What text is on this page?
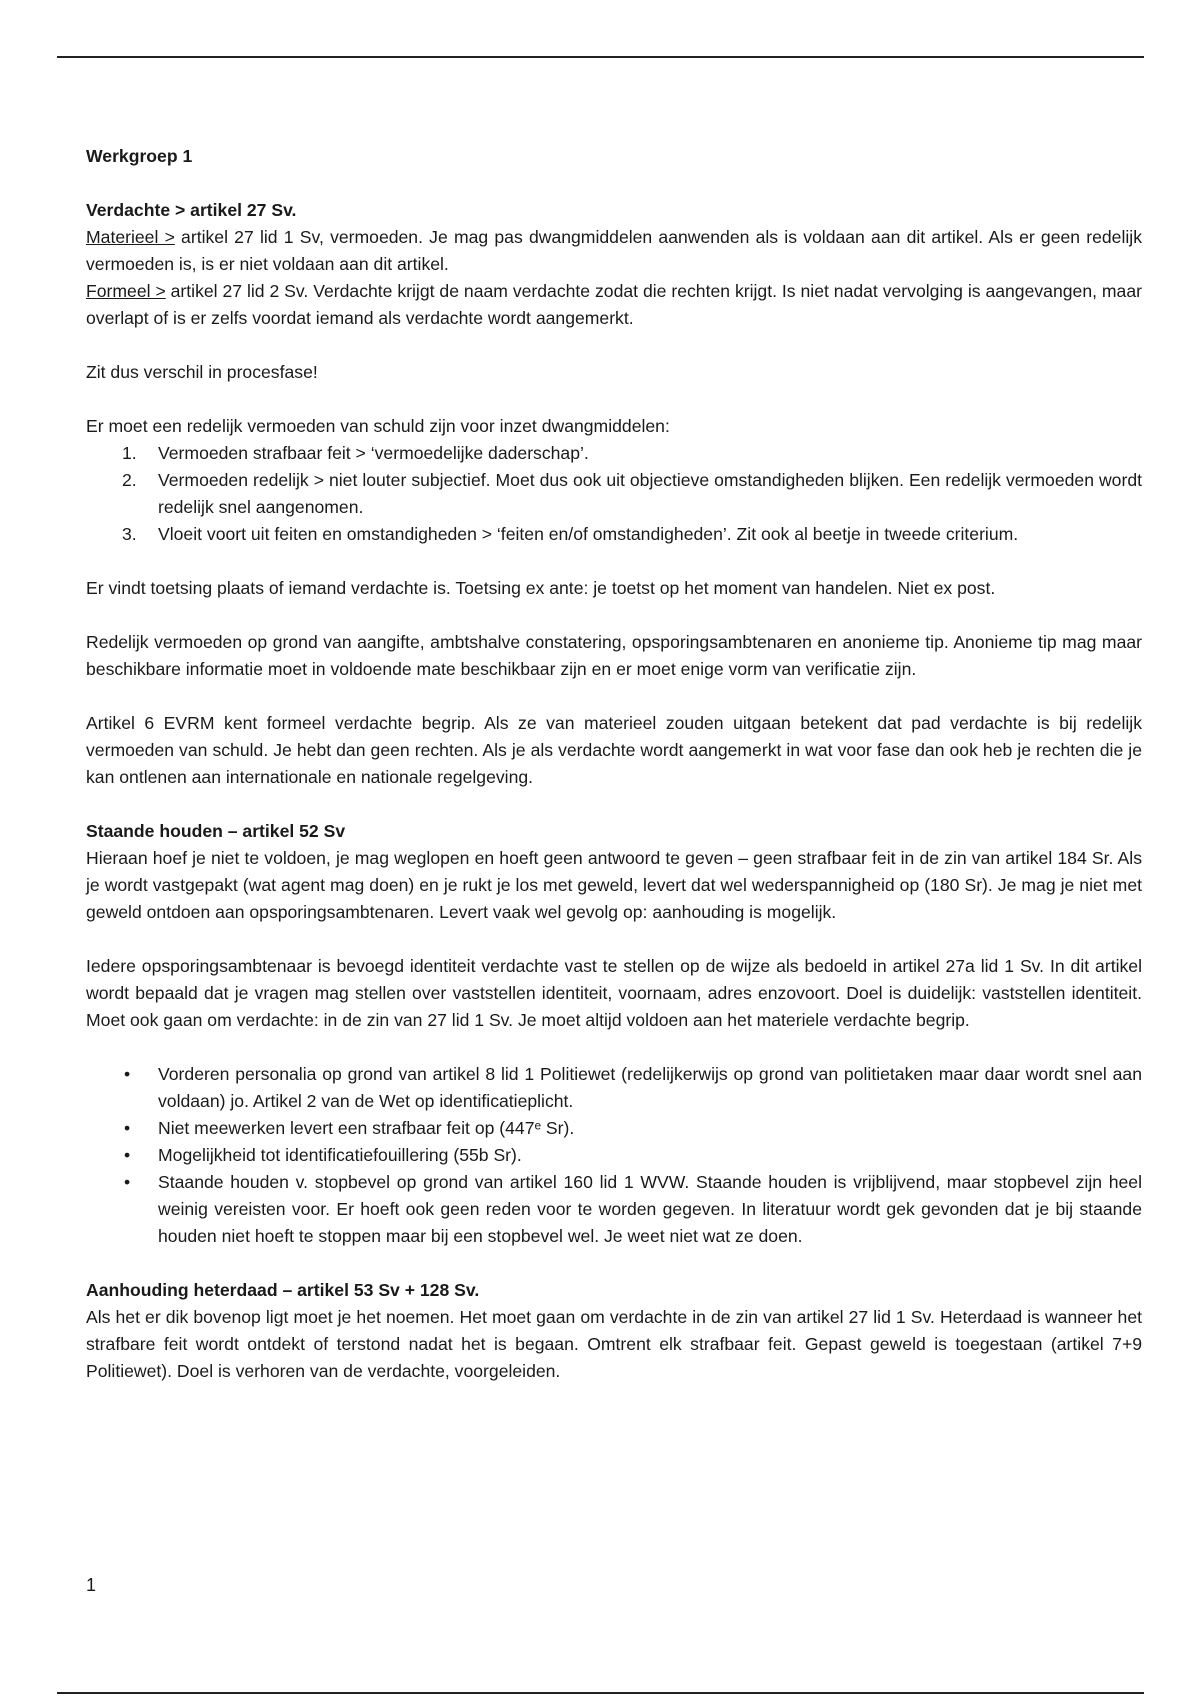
Werkgroep 1

Verdachte > artikel 27 Sv.

Materieel > artikel 27 lid 1 Sv, vermoeden. Je mag pas dwangmiddelen aanwenden als is voldaan aan dit artikel. Als er geen redelijk vermoeden is, is er niet voldaan aan dit artikel.

Formeel > artikel 27 lid 2 Sv. Verdachte krijgt de naam verdachte zodat die rechten krijgt. Is niet nadat vervolging is aangevangen, maar overlapt of is er zelfs voordat iemand als verdachte wordt aangemerkt.

Zit dus verschil in procesfase!

Er moet een redelijk vermoeden van schuld zijn voor inzet dwangmiddelen:

1. Vermoeden strafbaar feit > ‘vermoedelijke daderschap’.
2. Vermoeden redelijk > niet louter subjectief. Moet dus ook uit objectieve omstandigheden blijken. Een redelijk vermoeden wordt redelijk snel aangenomen.
3. Vloeit voort uit feiten en omstandigheden > ‘feiten en/of omstandigheden’. Zit ook al beetje in tweede criterium.

Er vindt toetsing plaats of iemand verdachte is. Toetsing ex ante: je toetst op het moment van handelen. Niet ex post.

Redelijk vermoeden op grond van aangifte, ambtshalve constatering, opsporingsambtenaren en anonieme tip. Anonieme tip mag maar beschikbare informatie moet in voldoende mate beschikbaar zijn en er moet enige vorm van verificatie zijn.

Artikel 6 EVRM kent formeel verdachte begrip. Als ze van materieel zouden uitgaan betekent dat pad verdachte is bij redelijk vermoeden van schuld. Je hebt dan geen rechten. Als je als verdachte wordt aangemerkt in wat voor fase dan ook heb je rechten die je kan ontlenen aan internationale en nationale regelgeving.

Staande houden – artikel 52 Sv

Hieraan hoef je niet te voldoen, je mag weglopen en hoeft geen antwoord te geven – geen strafbaar feit in de zin van artikel 184 Sr. Als je wordt vastgepakt (wat agent mag doen) en je rukt je los met geweld, levert dat wel wederspannigheid op (180 Sr). Je mag je niet met geweld ontdoen aan opsporingsambtenaren. Levert vaak wel gevolg op: aanhouding is mogelijk.

Iedere opsporingsambtenaar is bevoegd identiteit verdachte vast te stellen op de wijze als bedoeld in artikel 27a lid 1 Sv. In dit artikel wordt bepaald dat je vragen mag stellen over vaststellen identiteit, voornaam, adres enzovoort. Doel is duidelijk: vaststellen identiteit. Moet ook gaan om verdachte: in de zin van 27 lid 1 Sv. Je moet altijd voldoen aan het materiele verdachte begrip.

• Vorderen personalia op grond van artikel 8 lid 1 Politiewet (redelijkerwijs op grond van politietaken maar daar wordt snel aan voldaan) jo. Artikel 2 van de Wet op identificatieplicht.
• Niet meewerken levert een strafbaar feit op (447ᵉ Sr).
• Mogelijkheid tot identificatiefouillering (55b Sr).
• Staande houden v. stopbevel op grond van artikel 160 lid 1 WVW. Staande houden is vrijblijvend, maar stopbevel zijn heel weinig vereisten voor. Er hoeft ook geen reden voor te worden gegeven. In literatuur wordt gek gevonden dat je bij staande houden niet hoeft te stoppen maar bij een stopbevel wel. Je weet niet wat ze doen.

Aanhouding heterdaad – artikel 53 Sv + 128 Sv.

Als het er dik bovenop ligt moet je het noemen. Het moet gaan om verdachte in de zin van artikel 27 lid 1 Sv. Heterdaad is wanneer het strafbare feit wordt ontdekt of terstond nadat het is begaan. Omtrent elk strafbaar feit. Gepast geweld is toegestaan (artikel 7+9 Politiewet). Doel is verhoren van de verdachte, voorgeleiden.

1
